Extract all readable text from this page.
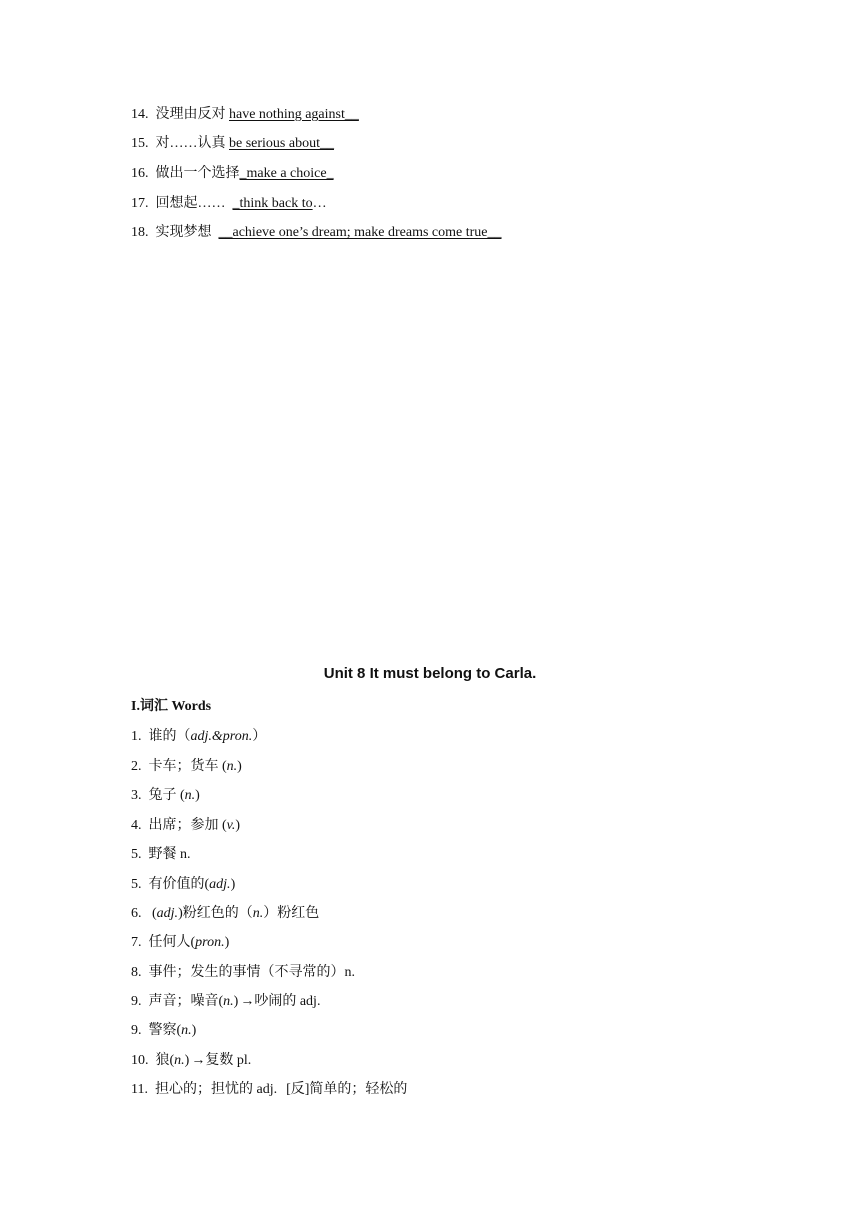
14. 没理由反对 have nothing against__
15. 对……认真 be serious about__
16. 做出一个选择_make a choice_
17. 回想起…… _think back to…
18. 实现梦想 __achieve one’s dream; make dreams come true__
Unit 8 It must belong to Carla.
I.词汇 Words
1. 谁的（adj.&pron.）
2. 卡车；货车 (n.)
3. 兔子 (n.)
4. 出席；参加 (v.)
5. 野餐 n.
5. 有价值的(adj.)
6. (adj.)粉红色的（n.）粉红色
7. 任何人(pron.)
8. 事件；发生的事情（不寻常的）n.
9. 声音；噪音(n.) →吵闹的 adj.
9. 警察(n.)
10. 狼(n.) →复数 pl.
11. 担心的；担忧的 adj. [反]简单的；轻松的
